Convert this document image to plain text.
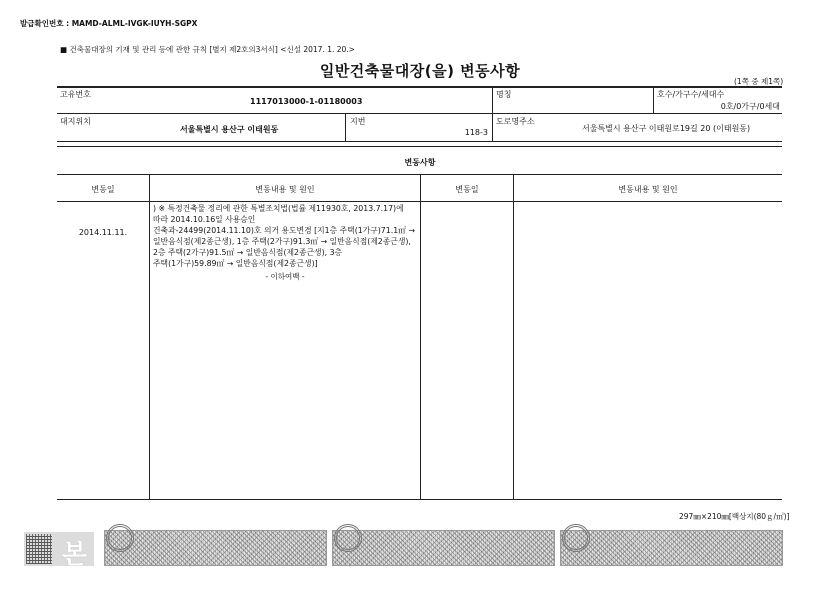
발급확인번호 : MAMD-ALML-IVGK-IUYH-SGPX
■ 건축물대장의 기재 및 관리 등에 관한 규칙 [별지 제2호의3서식] <신설 2017. 1. 20.>
일반건축물대장(을) 변동사항
(1쪽 중 제1쪽)
고유번호
1117013000-1-01180003
명칭	호수/가구수/세대수
0호/0가구/0세대
대지위치
서울특별시 용산구 이태원동
지번
118-3
도로명주소
서울특별시 용산구 이태원로19길 20 (이태원동)
변동사항
변동일	변동내용 및 원인	변동일	변동내용 및 원인
2014.11.11.
) ※ 특정건축물 정리에 관한 특별조치법(법률 제11930호, 2013.7.17)에
따라 2014.10.16일 사용승인
건축과-24499(2014.11.10)호 의거 용도변경 [지1층 주택(1가구)71.1㎡ →
일반음식점(제2종근생), 1층 주택(2가구)91.3㎡ → 일반음식점(제2종근생),
2층 주택(2가구)91.5㎡ → 일반음식점(제2종근생), 3층
주택(1가구)59.89㎡ → 일반음식점(제2종근생)]
- 이하여백 -
297㎜×210㎜[백상지(80ｇ/㎡)]
본
